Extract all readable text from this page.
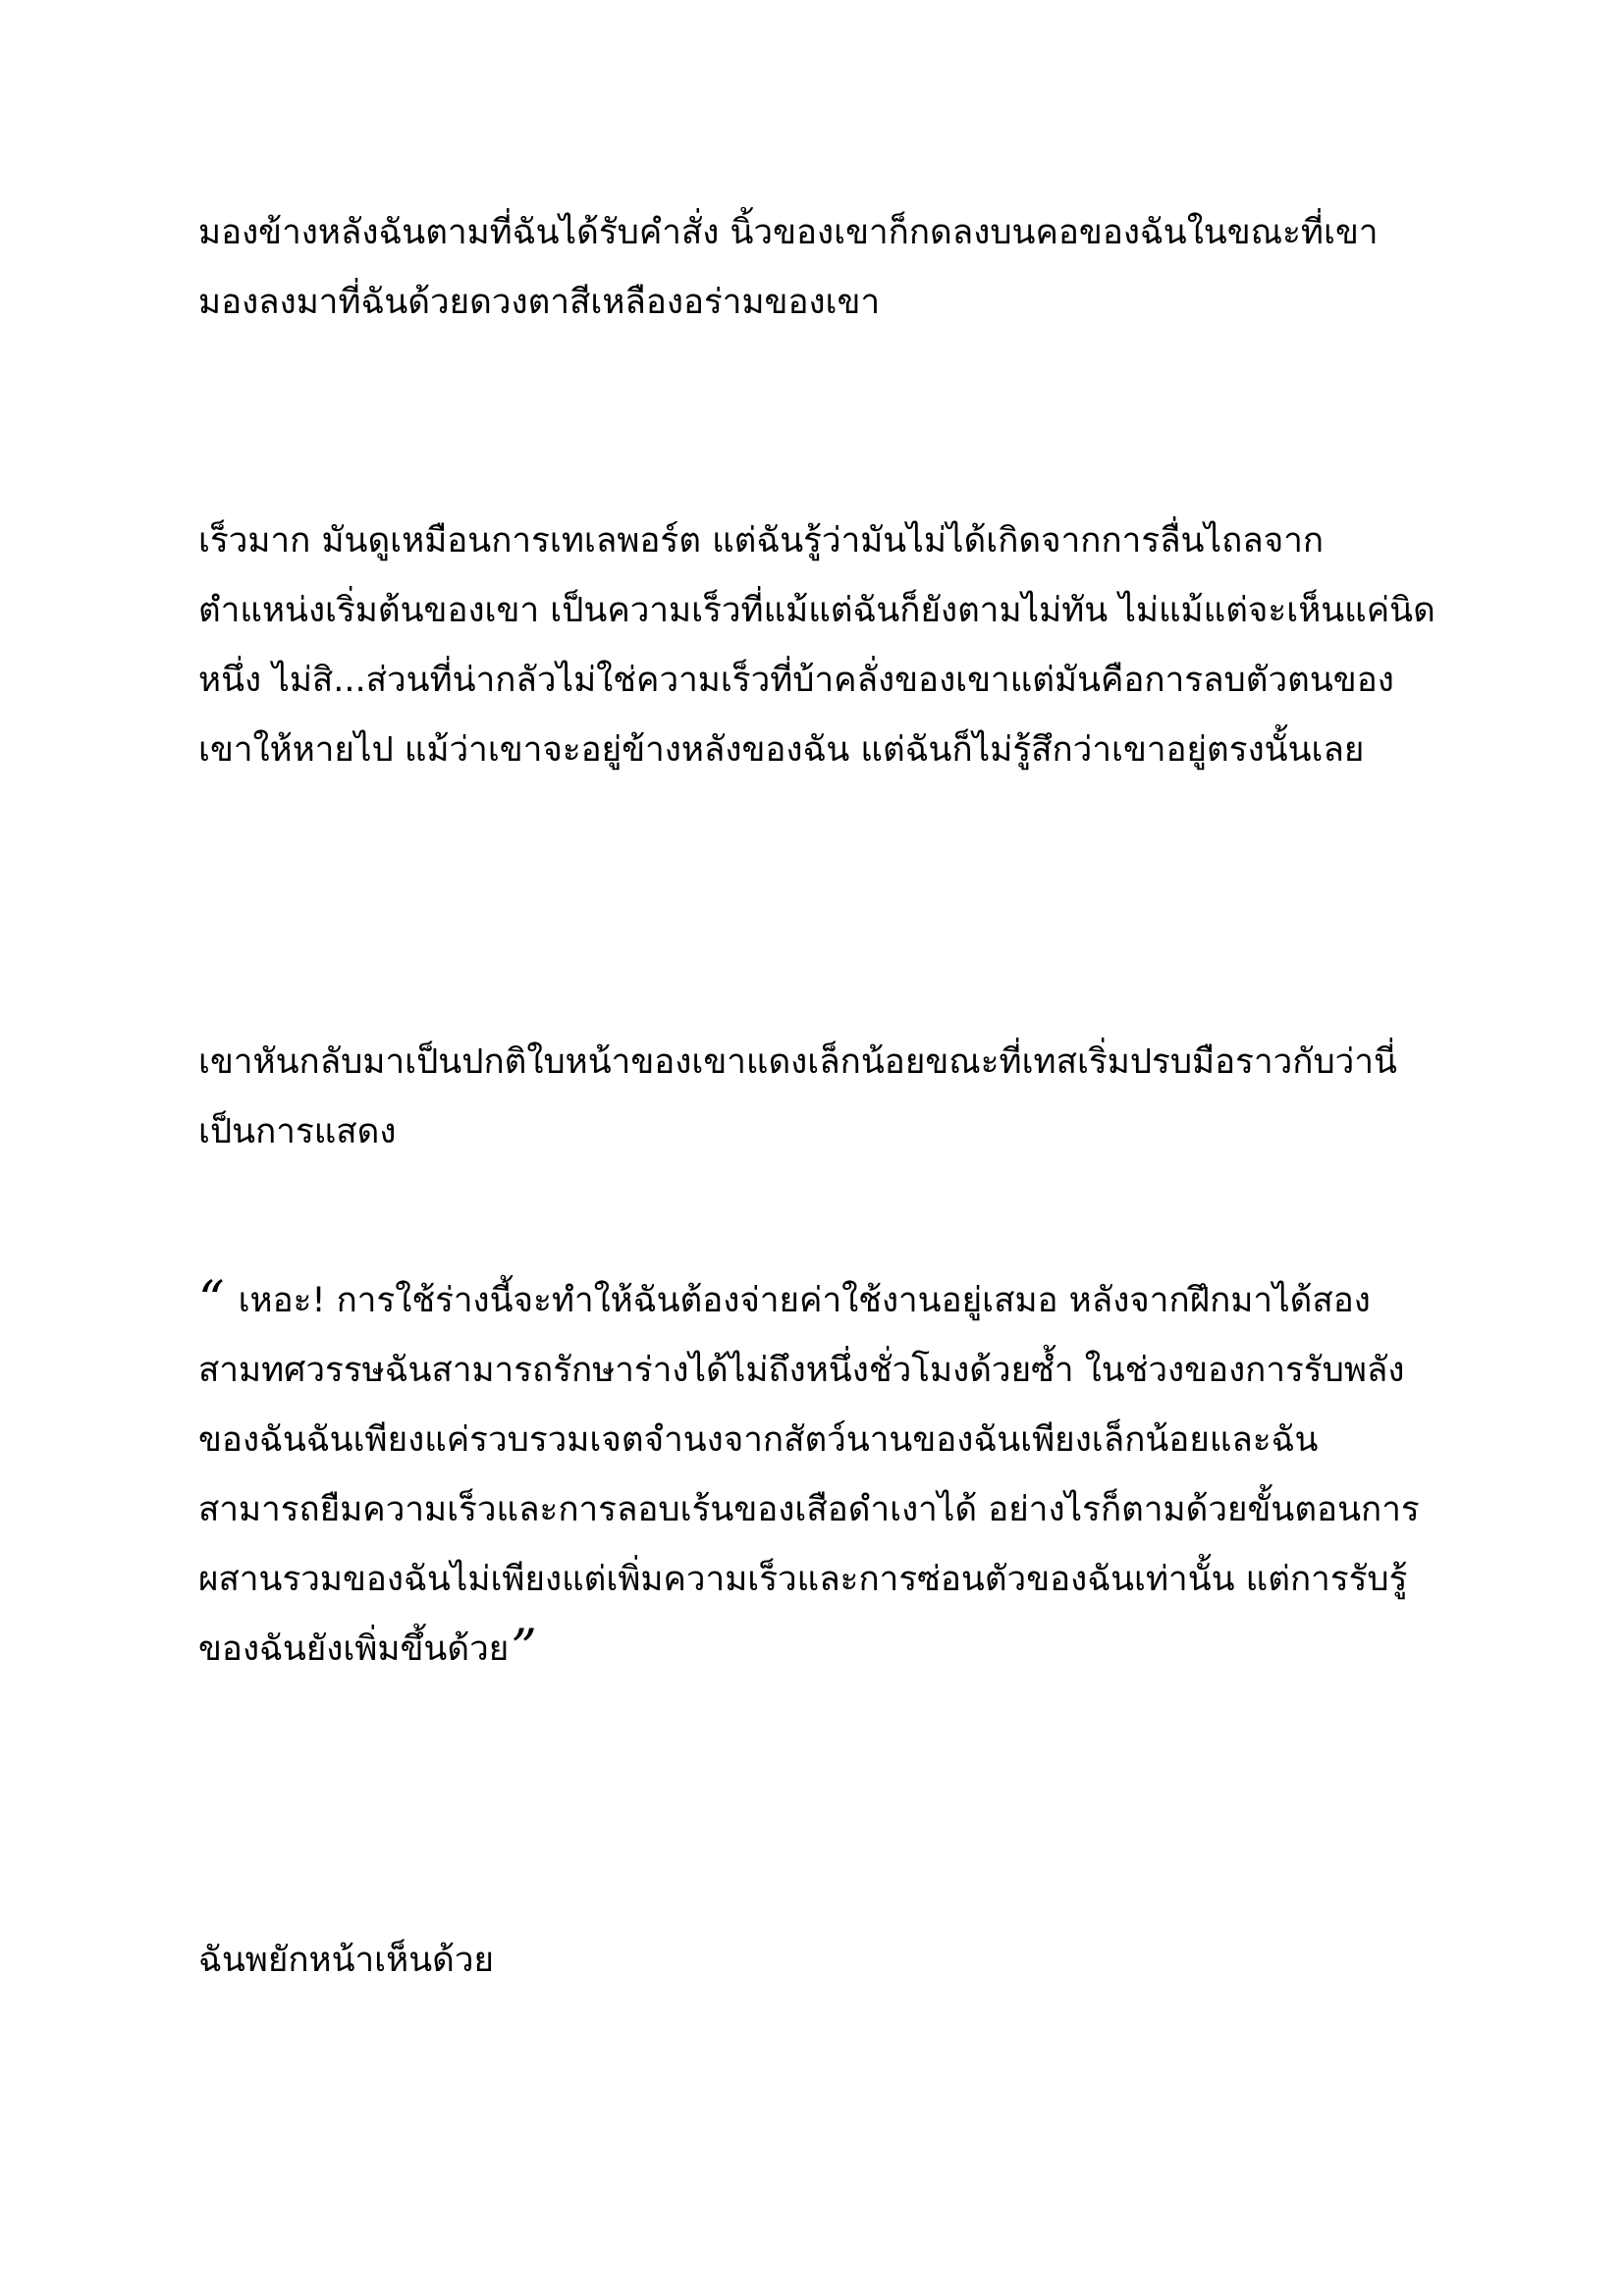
มองข้างหลังฉันตามที่ฉันได้รับคำสั่ง นิ้วของเขาก็กดลงบนคอของฉันในขณะที่เขา
มองลงมาที่ฉันด้วยดวงตาสีเหลืองอร่ามของเขา
เร็วมาก มันดูเหมือนการเทเลพอร์ต แต่ฉันรู้ว่ามันไม่ได้เกิดจากการลื่นไถลจาก
ตำแหน่งเริ่มต้นของเขา เป็นความเร็วที่แม้แต่ฉันก็ยังตามไม่ทัน ไม่แม้แต่จะเห็นแค่นิด
หนึ่ง ไม่สิ...ส่วนที่น่ากลัวไม่ใช่ความเร็วที่บ้าคลั่งของเขาแต่มันคือการลบตัวตนของ
เขาให้หายไป แม้ว่าเขาจะอยู่ข้างหลังของฉัน แต่ฉันก็ไม่รู้สึกว่าเขาอยู่ตรงนั้นเลย
เขาหันกลับมาเป็นปกติใบหน้าของเขาแดงเล็กน้อยขณะที่เทสเริ่มปรบมือราวกับว่านี่
เป็นการแสดง
“ เหอะ! การใช้ร่างนี้จะทำให้ฉันต้องจ่ายค่าใช้งานอยู่เสมอ หลังจากฝึกมาได้สอง
สามทศวรรษฉันสามารถรักษาร่างได้ไม่ถึงหนึ่งชั่วโมงด้วยซ้ำ ในช่วงของการรับพลัง
ของฉันฉันเพียงแค่รวบรวมเจตจำนงจากสัตว์นานของฉันเพียงเล็กน้อยและฉัน
สามารถยืมความเร็วและการลอบเร้นของเสือดำเงาได้ อย่างไรก็ตามด้วยขั้นตอนการ
ผสานรวมของฉันไม่เพียงแต่เพิ่มความเร็วและการซ่อนตัวของฉันเท่านั้น แต่การรับรู้
ของฉันยังเพิ่มขึ้นด้วย”
ฉันพยักหน้าเห็นด้วย
